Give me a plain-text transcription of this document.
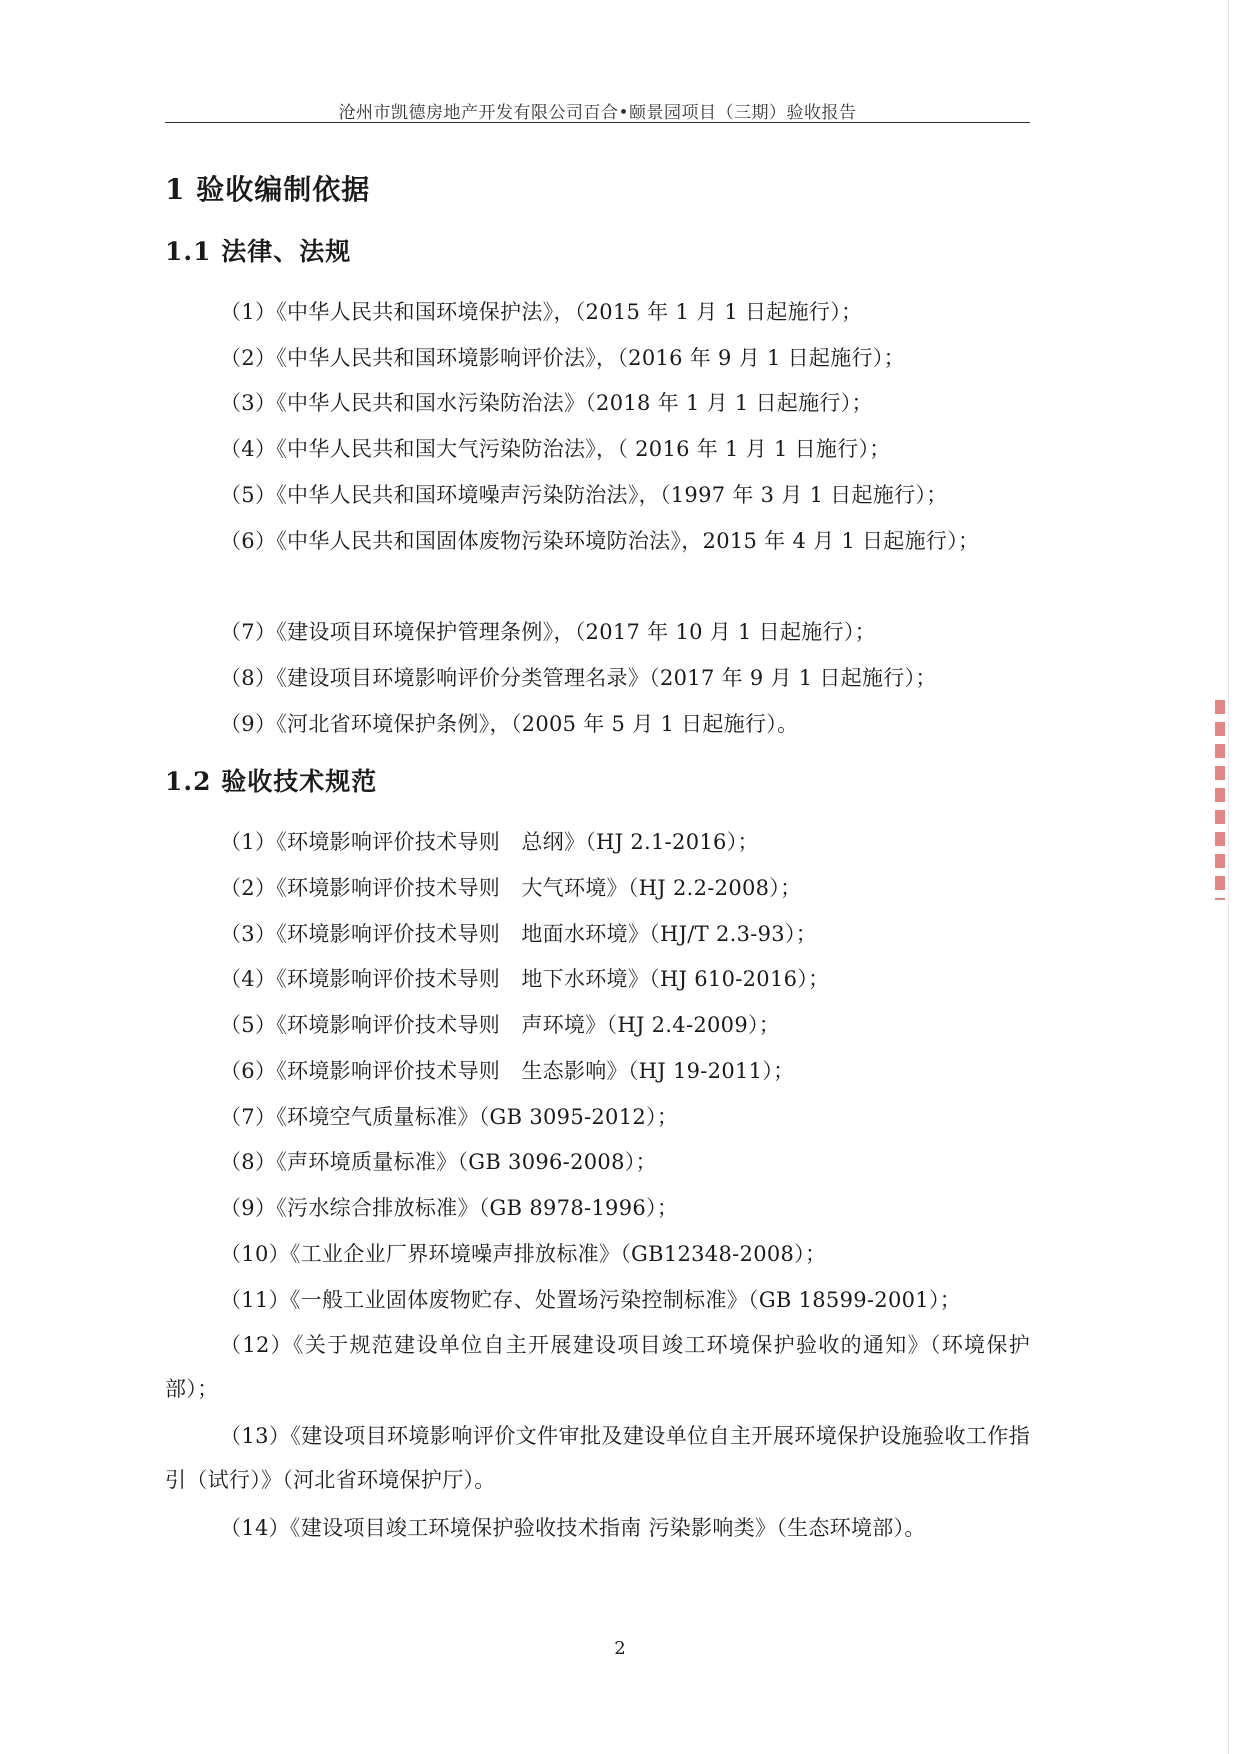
沧州市凯德房地产开发有限公司百合•颐景园项目（三期）验收报告
1 验收编制依据
1.1 法律、法规
（1）《中华人民共和国环境保护法》，（2015 年 1 月 1 日起施行）；
（2）《中华人民共和国环境影响评价法》，（2016 年 9 月 1 日起施行）；
（3）《中华人民共和国水污染防治法》（2018 年 1 月 1 日起施行）；
（4）《中华人民共和国大气污染防治法》，（ 2016 年 1 月 1 日施行）；
（5）《中华人民共和国环境噪声污染防治法》，（1997 年 3 月 1 日起施行）；
（6）《中华人民共和国固体废物污染环境防治法》，2015 年 4 月 1 日起施行）；
（7）《建设项目环境保护管理条例》，（2017 年 10 月 1 日起施行）；
（8）《建设项目环境影响评价分类管理名录》（2017 年 9 月 1 日起施行）；
（9）《河北省环境保护条例》，（2005 年 5 月 1 日起施行）。
1.2 验收技术规范
（1）《环境影响评价技术导则　总纲》（HJ 2.1-2016）；
（2）《环境影响评价技术导则　大气环境》（HJ 2.2-2008）；
（3）《环境影响评价技术导则　地面水环境》（HJ/T 2.3-93）；
（4）《环境影响评价技术导则　地下水环境》（HJ 610-2016）；
（5）《环境影响评价技术导则　声环境》（HJ 2.4-2009）；
（6）《环境影响评价技术导则　生态影响》（HJ 19-2011）；
（7）《环境空气质量标准》（GB 3095-2012）；
（8）《声环境质量标准》（GB 3096-2008）；
（9）《污水综合排放标准》（GB 8978-1996）；
（10）《工业企业厂界环境噪声排放标准》（GB12348-2008）；
（11）《一般工业固体废物贮存、处置场污染控制标准》（GB 18599-2001）；
（12）《关于规范建设单位自主开展建设项目竣工环境保护验收的通知》（环境保护部）；
（13）《建设项目环境影响评价文件审批及建设单位自主开展环境保护设施验收工作指引（试行）》（河北省环境保护厅）。
（14）《建设项目竣工环境保护验收技术指南 污染影响类》（生态环境部）。
2
